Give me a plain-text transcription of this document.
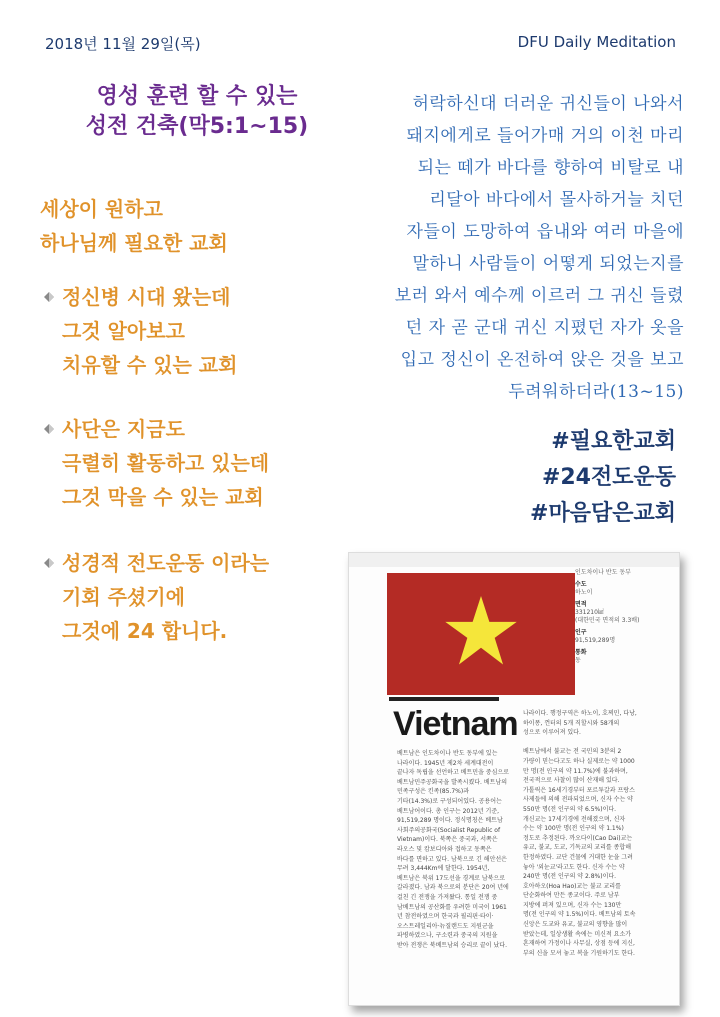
2018년 11월 29일(목)	DFU Daily Meditation
영성 훈련 할 수 있는
성전 건축(막5:1~15)
세상이 원하고
하나님께 필요한 교회
정신병 시대 왔는데
그것 알아보고
치유할 수 있는 교회
사단은 지금도
극렬히 활동하고 있는데
그것 막을 수 있는 교회
성경적 전도운동 이라는
기회 주셨기에
그것에 24 합니다.
허락하신대 더러운 귀신들이 나와서
돼지에게로 들어가매 거의 이천 마리
되는 떼가 바다를 향하여 비탈로 내
리달아 바다에서 몰사하거늘 치던
자들이 도망하여 읍내와 여러 마을에
말하니 사람들이 어떻게 되었는지를
보러 와서 예수께 이르러 그 귀신 들렸
던 자 곧 군대 귀신 지폈던 자가 옷을
입고 정신이 온전하여 앉은 것을 보고
두려워하더라(13~15)
#필요한교회
#24전도운동
#마음담은교회
인도차이나 반도 동부
수도
하노이
면적
331210㎢
(대한민국 면적의 3.3배)
인구
91,519,289명
통화
동
Vietnam
베트남은 인도차이나 반도 동부에 있는
나라이다. 1945년 제2차 세계대전이
끝나자 독립을 선언하고 베트민을 중심으로
베트남민주공화국을 발족시켰다. 베트남의
민족구성은 킨족(85.7%)과
기타(14.3%)로 구성되어있다. 공용어는
베트남어이다. 총 인구는 2012년 기준,
91,519,289 명이다. 정식명칭은 베트남
사회주의공화국(Socialist Republic of
Vietnam)이다. 북쪽은 중국과, 서쪽은
라오스 및 캄보디아와 접하고 동쪽은
바다를 면하고 있다. 남북으로 긴 해안선은
무려 3,444Km에 달한다. 1954년,
베트남은 북위 17도선을 경계로 남북으로
갈라졌다. 남과 북으로의 분단은 20여 년에
걸친 긴 전쟁을 가져왔다. 통일 전쟁 중
남베트남의 공산화를 우려한 미국이 1961
년 참전하였으며 한국과 필리핀·타이·
오스트레일리아·뉴질랜드도 지원군을
파병하였으나, 구소련과 중국의 지원을
받아 전쟁은 북베트남의 승리로 끝이 났다.
나라이다. 행정구역은 하노이, 호찌민, 다낭,
하이퐁, 껀터의 5개 직할시와 58개의
성으로 이루어져 있다.
베트남에서 불교는 전 국민의 3분의 2
가량이 믿는다고도 하나 실제로는 약 1000
만 명(전 인구의 약 11.7%)에 불과하며,
전국적으로 사찰이 많이 산재해 있다.
가톨릭은 16세기경부터 포르투갈과 프랑스
사제들에 의해 전파되었으며, 신자 수는 약
550만 명(전 인구의 약 6.5%)이다.
개신교는 17세기경에 전해졌으며, 신자
수는 약 100만 명(전 인구의 약 1.1%)
정도로 추정된다. 까오다이(Cao Dai)교는
유교, 불교, 도교, 기독교의 교리를 종합해
한정하였다. 교단 건물에 거대한 눈을 그려
놓아 '외눈교'라고도 한다. 신자 수는 약
240만 명(전 인구의 약 2.8%)이다.
호아하오(Hoa Hao)교는 불교 교리를
단순화하여 만든 종교이다. 주로 남부
지방에 퍼져 있으며, 신자 수는 130만
명(전 인구의 약 1.5%)이다. 베트남의 토속
신앙은 도교와 유교, 불교의 영향을 많이
받았는데, 일상생활 속에는 미신적 요소가
혼재하여 가정이나 사무실, 상점 등에 지신,
부의 신을 모셔 놓고 복을 기원하기도 한다.
